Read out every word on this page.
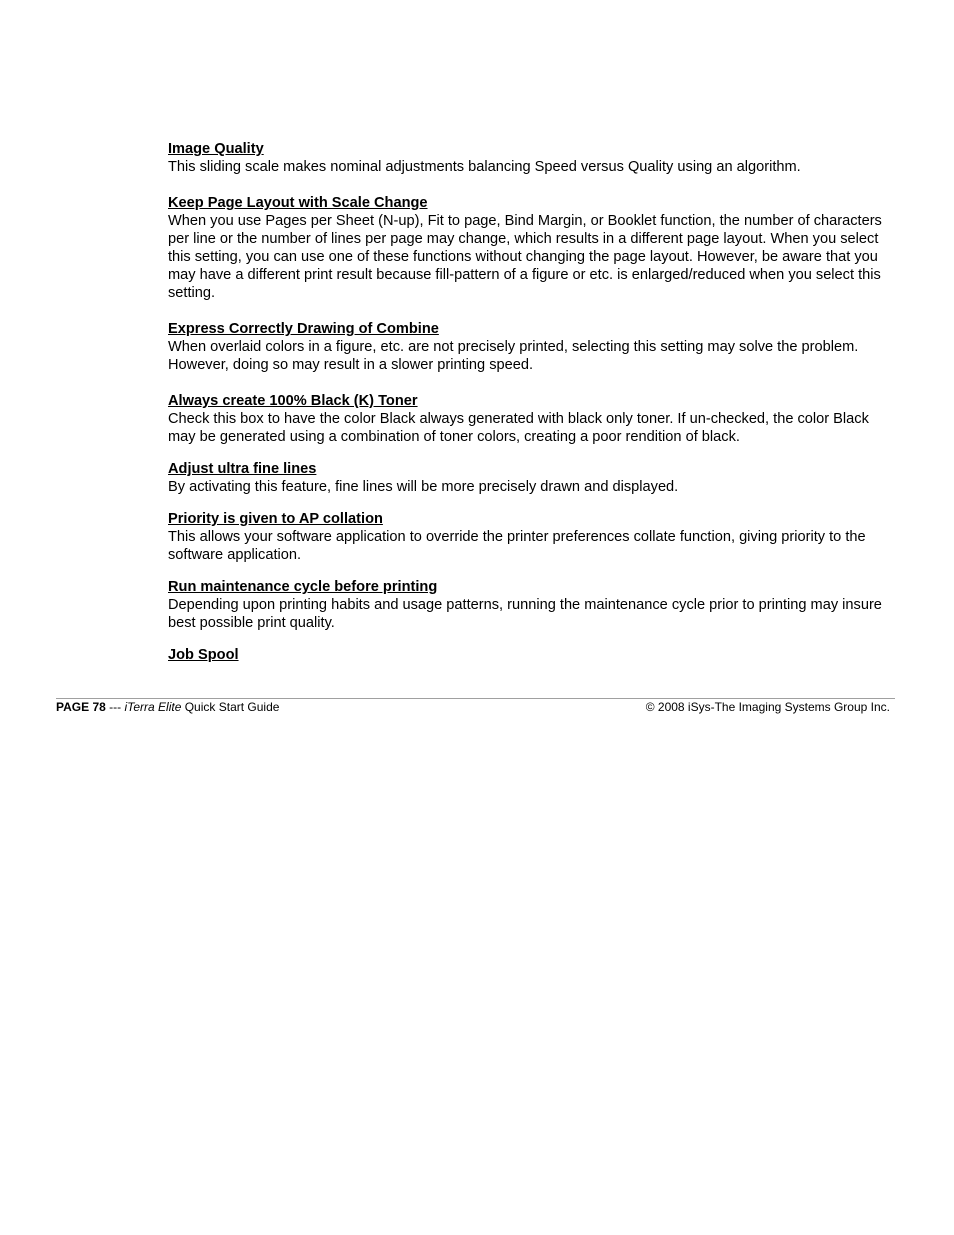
Image Quality
This sliding scale makes nominal adjustments balancing Speed versus Quality using an algorithm.
Keep Page Layout with Scale Change
When you use Pages per Sheet (N-up), Fit to page, Bind Margin, or Booklet function, the number of characters per line or the number of lines per page may change, which results in a different page layout. When you select this setting, you can use one of these functions without changing the page layout. However, be aware that you may have a different print result because fill-pattern of a figure or etc. is enlarged/reduced when you select this setting.
Express Correctly Drawing of Combine
When overlaid colors in a figure, etc. are not precisely printed, selecting this setting may solve the problem. However, doing so may result in a slower printing speed.
Always create 100% Black (K) Toner
Check this box to have the color Black always generated with black only toner. If un-checked, the color Black may be generated using a combination of toner colors, creating a poor rendition of black.
Adjust ultra fine lines
By activating this feature, fine lines will be more precisely drawn and displayed.
Priority is given to AP collation
This allows your software application to override the printer preferences collate function, giving priority to the software application.
Run maintenance cycle before printing
Depending upon printing habits and usage patterns, running the maintenance cycle prior to printing may insure best possible print quality.
Job Spool
PAGE 78 --- iTerra Elite Quick Start Guide	© 2008 iSys-The Imaging Systems Group Inc.
